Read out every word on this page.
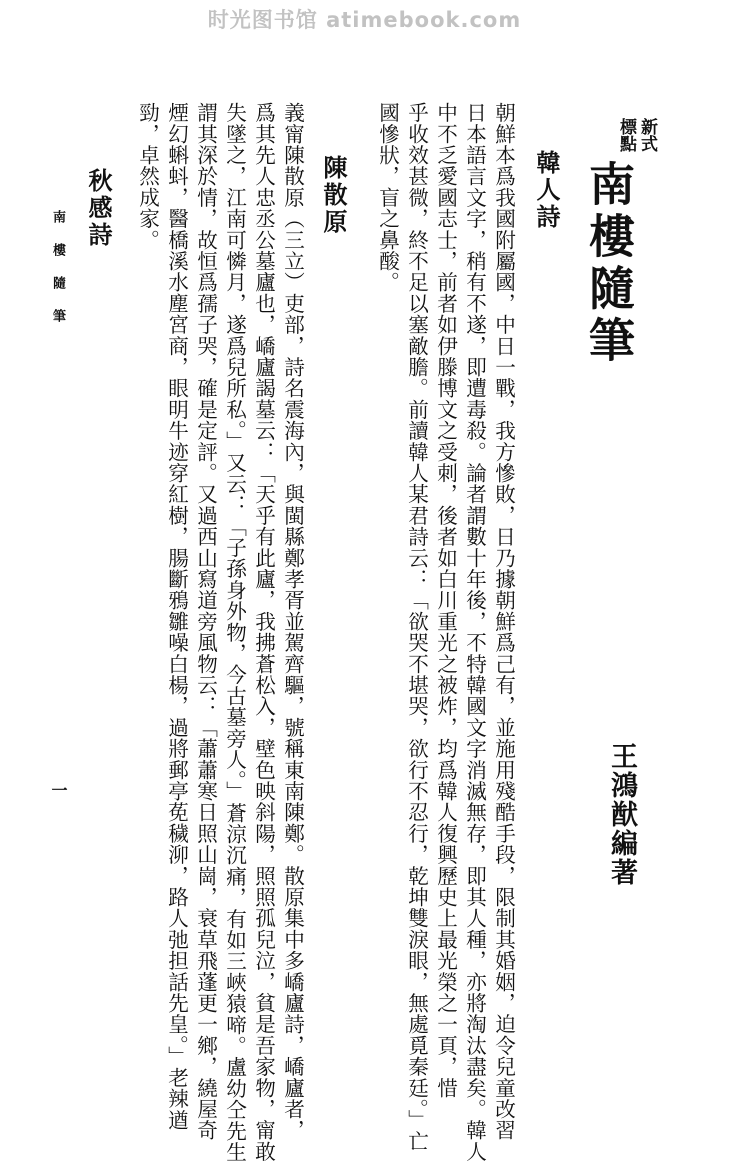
时光图书馆 atimebook.com
新式
標點
南樓隨筆
王鴻猷編著
韓人詩
朝鮮本爲我國附屬國，中日一戰，我方慘敗，日乃據朝鮮爲己有，並施用殘酷手段，限制其婚姻，迫令兒童改習
日本語言文字，稍有不遂，即遭毒殺。論者謂數十年後，不特韓國文字消滅無存，即其人種，亦將淘汰盡矣。韓人
中不乏愛國志士，前者如伊滕博文之受刺，後者如白川重光之被炸，均爲韓人復興歷史上最光榮之一頁，惜
乎收效甚微，終不足以塞敵膽。前讀韓人某君詩云：「欲哭不堪哭，欲行不忍行，乾坤雙淚眼，無處覓秦廷。」亡
國慘狀，盲之鼻酸。
陳散原
義甯陳散原（三立）吏部，詩名震海內，與閩縣鄭孝胥並駕齊驅，號稱東南陳鄭。散原集中多嶠廬詩，嶠廬者，
爲其先人忠丞公墓廬也，嶠廬謁墓云：「天乎有此廬，我拂蒼松入，壁色映斜陽，照照孤兒泣，貧是吾家物，甯敢
失墜之，江南可憐月，遂爲兒所私。」又云：「子孫身外物，今古墓旁人。」蒼涼沉痛，有如三峽猿啼。盧幼仝先生
謂其深於情，故恒爲孺子哭，確是定評。又過西山寫道旁風物云：「蕭蕭寒日照山崗，衰草飛蓬更一鄉，繞屋奇
煙幻蝌蚪，醫橋溪水塵宮商，眼明牛迹穿紅樹，腸斷鴉雛噪白楊，過將郵亭莬穢泖，路人弛担話先皇。」老辣遒
勁，卓然成家。
秋感詩
南樓隨筆
一
